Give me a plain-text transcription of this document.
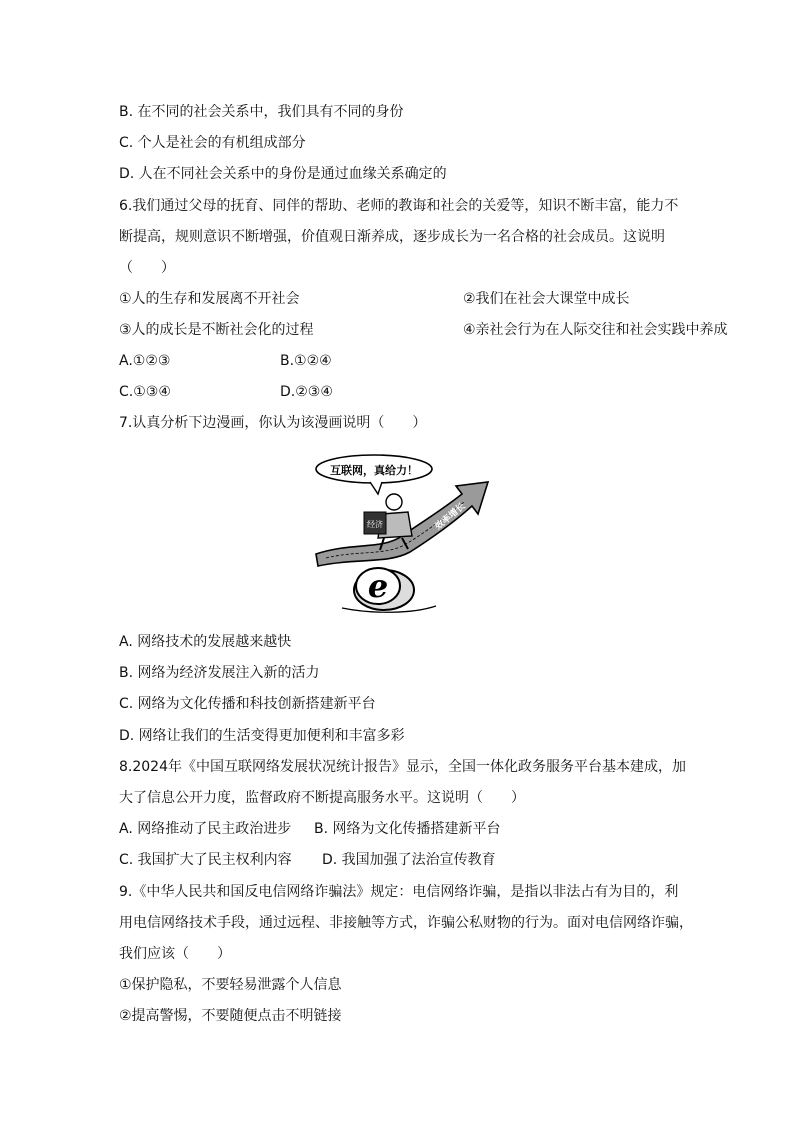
B. 在不同的社会关系中，我们具有不同的身份
C. 个人是社会的有机组成部分
D. 人在不同社会关系中的身份是通过血缘关系确定的
6.我们通过父母的抚育、同伴的帮助、老师的教诲和社会的关爱等，知识不断丰富，能力不
断提高，规则意识不断增强，价值观日渐养成，逐步成长为一名合格的社会成员。这说明
（　　）
①人的生存和发展离不开社会	②我们在社会大课堂中成长
③人的成长是不断社会化的过程	④亲社会行为在人际交往和社会实践中养成
A.①②③	B.①②④
C.①③④	D.②③④
7.认真分析下边漫画，你认为该漫画说明（　　）
互联网，真给力！
效率增长
经济
e
A. 网络技术的发展越来越快
B. 网络为经济发展注入新的活力
C. 网络为文化传播和科技创新搭建新平台
D. 网络让我们的生活变得更加便利和丰富多彩
8.2024年《中国互联网络发展状况统计报告》显示，全国一体化政务服务平台基本建成，加
大了信息公开力度，监督政府不断提高服务水平。这说明（　　）
A. 网络推动了民主政治进步 B. 网络为文化传播搭建新平台
C. 我国扩大了民主权利内容 D. 我国加强了法治宣传教育
9.《中华人民共和国反电信网络诈骗法》规定：电信网络诈骗，是指以非法占有为目的，利
用电信网络技术手段，通过远程、非接触等方式，诈骗公私财物的行为。面对电信网络诈骗，
我们应该（　　）
①保护隐私，不要轻易泄露个人信息
②提高警惕，不要随便点击不明链接
